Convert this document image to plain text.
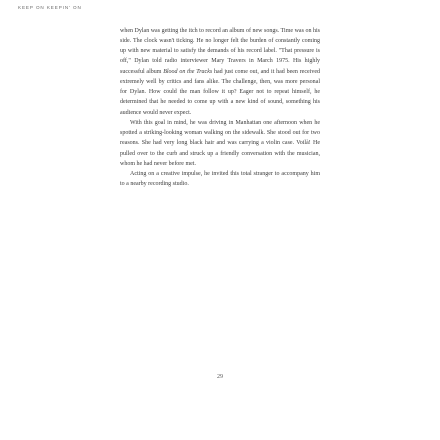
KEEP ON KEEPIN' ON

when Dylan was getting the itch to record an album of new songs. Time was on his side. The clock wasn't ticking. He no longer felt the burden of constantly coming up with new material to satisfy the demands of his record label. "That pressure is off," Dylan told radio interviewer Mary Travers in March 1975. His highly successful album Blood on the Tracks had just come out, and it had been received extremely well by critics and fans alike. The challenge, then, was more personal for Dylan. How could the man follow it up? Eager not to repeat himself, he determined that he needed to come up with a new kind of sound, something his audience would never expect.

With this goal in mind, he was driving in Manhattan one afternoon when he spotted a striking-looking woman walking on the sidewalk. She stood out for two reasons. She had very long black hair and was carrying a violin case. Voilà! He pulled over to the curb and struck up a friendly conversation with the musician, whom he had never before met.

Acting on a creative impulse, he invited this total stranger to accompany him to a nearby recording studio.

29
